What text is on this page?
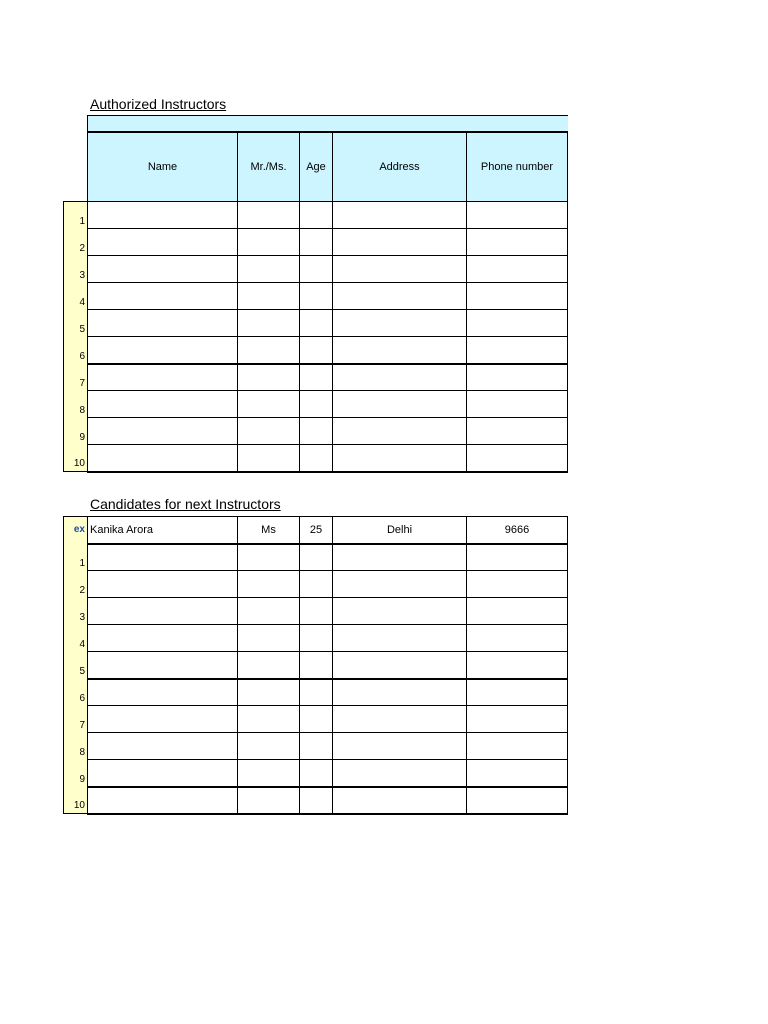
Authorized Instructors
	Name	Mr./Ms.	Age	Address	Phone number
1					
2					
3					
4					
5					
6					
7					
8					
9					
10					
Candidates for next Instructors
ex	Kanika Arora	Ms	25	Delhi	9666
1					
2					
3					
4					
5					
6					
7					
8					
9					
10					
